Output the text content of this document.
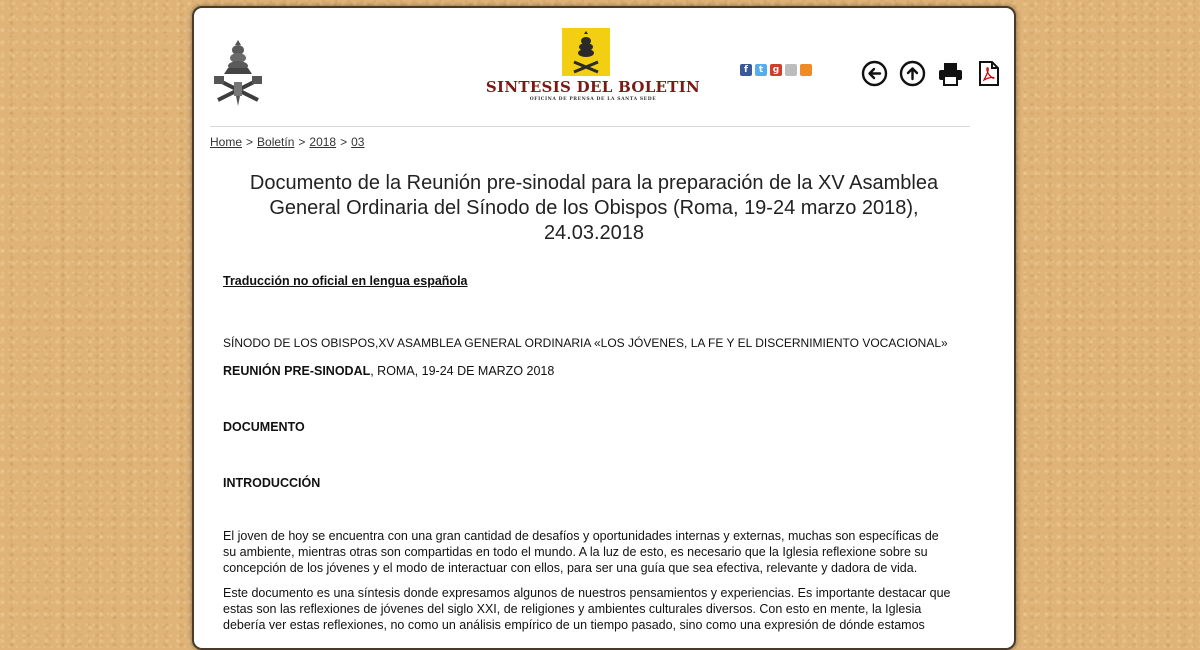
SINTESIS DEL BOLETIN
OFICINA DE PRENSA DE LA SANTA SEDE
f	t	g
Home > Boletín > 2018 > 03
Documento de la Reunión pre-sinodal para la preparación de la XV Asamblea
General Ordinaria del Sínodo de los Obispos (Roma, 19-24 marzo 2018),
24.03.2018
Traducción no oficial en lengua española
SÍNODO DE LOS OBISPOS,XV ASAMBLEA GENERAL ORDINARIA «LOS JÓVENES, LA FE Y EL DISCERNIMIENTO VOCACIONAL»
REUNIÓN PRE-SINODAL, ROMA, 19-24 DE MARZO 2018
DOCUMENTO
INTRODUCCIÓN
El joven de hoy se encuentra con una gran cantidad de desafíos y oportunidades internas y externas, muchas son específicas de
su ambiente, mientras otras son compartidas en todo el mundo. A la luz de esto, es necesario que la Iglesia reflexione sobre su
concepción de los jóvenes y el modo de interactuar con ellos, para ser una guía que sea efectiva, relevante y dadora de vida.
Este documento es una síntesis donde expresamos algunos de nuestros pensamientos y experiencias. Es importante destacar que
estas son las reflexiones de jóvenes del siglo XXI, de religiones y ambientes culturales diversos. Con esto en mente, la Iglesia
debería ver estas reflexiones, no como un análisis empírico de un tiempo pasado, sino como una expresión de dónde estamos
